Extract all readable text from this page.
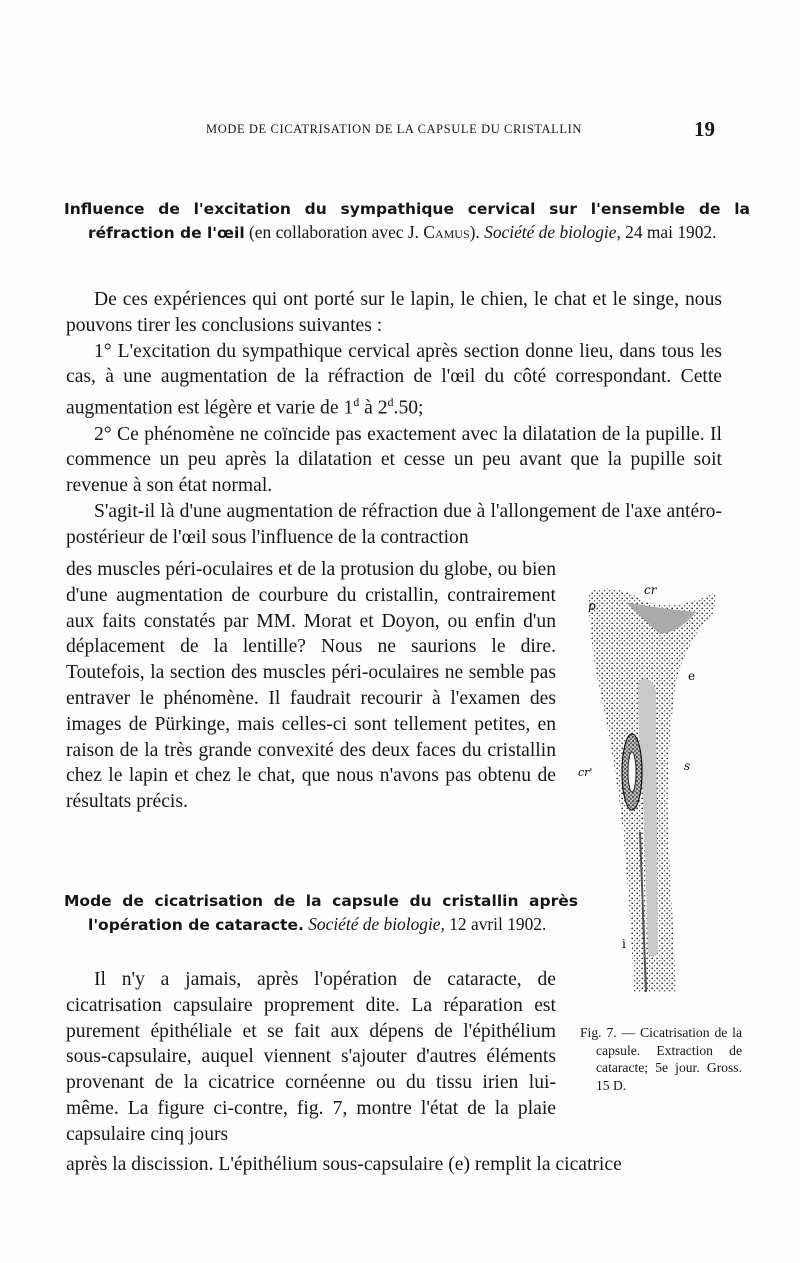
MODE DE CICATRISATION DE LA CAPSULE DU CRISTALLIN	19
Influence de l'excitation du sympathique cervical sur l'ensemble de la réfraction de l'œil (en collaboration avec J. Camus). Société de biologie, 24 mai 1902.

De ces expériences qui ont porté sur le lapin, le chien, le chat et le singe, nous pouvons tirer les conclusions suivantes :

1° L'excitation du sympathique cervical après section donne lieu, dans tous les cas, à une augmentation de la réfraction de l'œil du côté correspondant. Cette augmentation est légère et varie de 1$^d$ à 2$^d$.50;

2° Ce phénomène ne coïncide pas exactement avec la dilatation de la pupille. Il commence un peu après la dilatation et cesse un peu avant que la pupille soit revenue à son état normal.

S'agit-il là d'une augmentation de réfraction due à l'allongement de l'axe antéro-postérieur de l'œil sous l'influence de la contraction

des muscles péri-oculaires et de la protusion du globe, ou bien d'une augmentation de courbure du cristallin, contrairement aux faits constatés par MM. Morat et Doyon, ou enfin d'un déplacement de la lentille? Nous ne saurions le dire. Toutefois, la section des muscles péri-oculaires ne semble pas entraver le phénomène. Il faudrait recourir à l'examen des images de Pürkinge, mais celles-ci sont tellement petites, en raison de la très grande convexité des deux faces du cristallin chez le lapin et chez le chat, que nous n'avons pas obtenu de résultats précis.

Mode de cicatrisation de la capsule du cristallin après l'opération de cataracte. Société de biologie, 12 avril 1902.

Il n'y a jamais, après l'opération de cataracte, de cicatrisation capsulaire proprement dite. La réparation est purement épithéliale et se fait aux dépens de l'épithélium sous-capsulaire, auquel viennent s'ajouter d'autres éléments provenant de la cicatrice cornéenne ou du tissu irien lui-même. La figure ci-contre, fig. 7, montre l'état de la plaie capsulaire cinq jours

après la discission. L'épithélium sous-capsulaire (e) remplit la cicatrice

cr
p
e
s
cr'
i
Fig. 7. — Cicatrisation de la capsule. Extraction de cataracte; 5e jour. Gross. 15 D.
